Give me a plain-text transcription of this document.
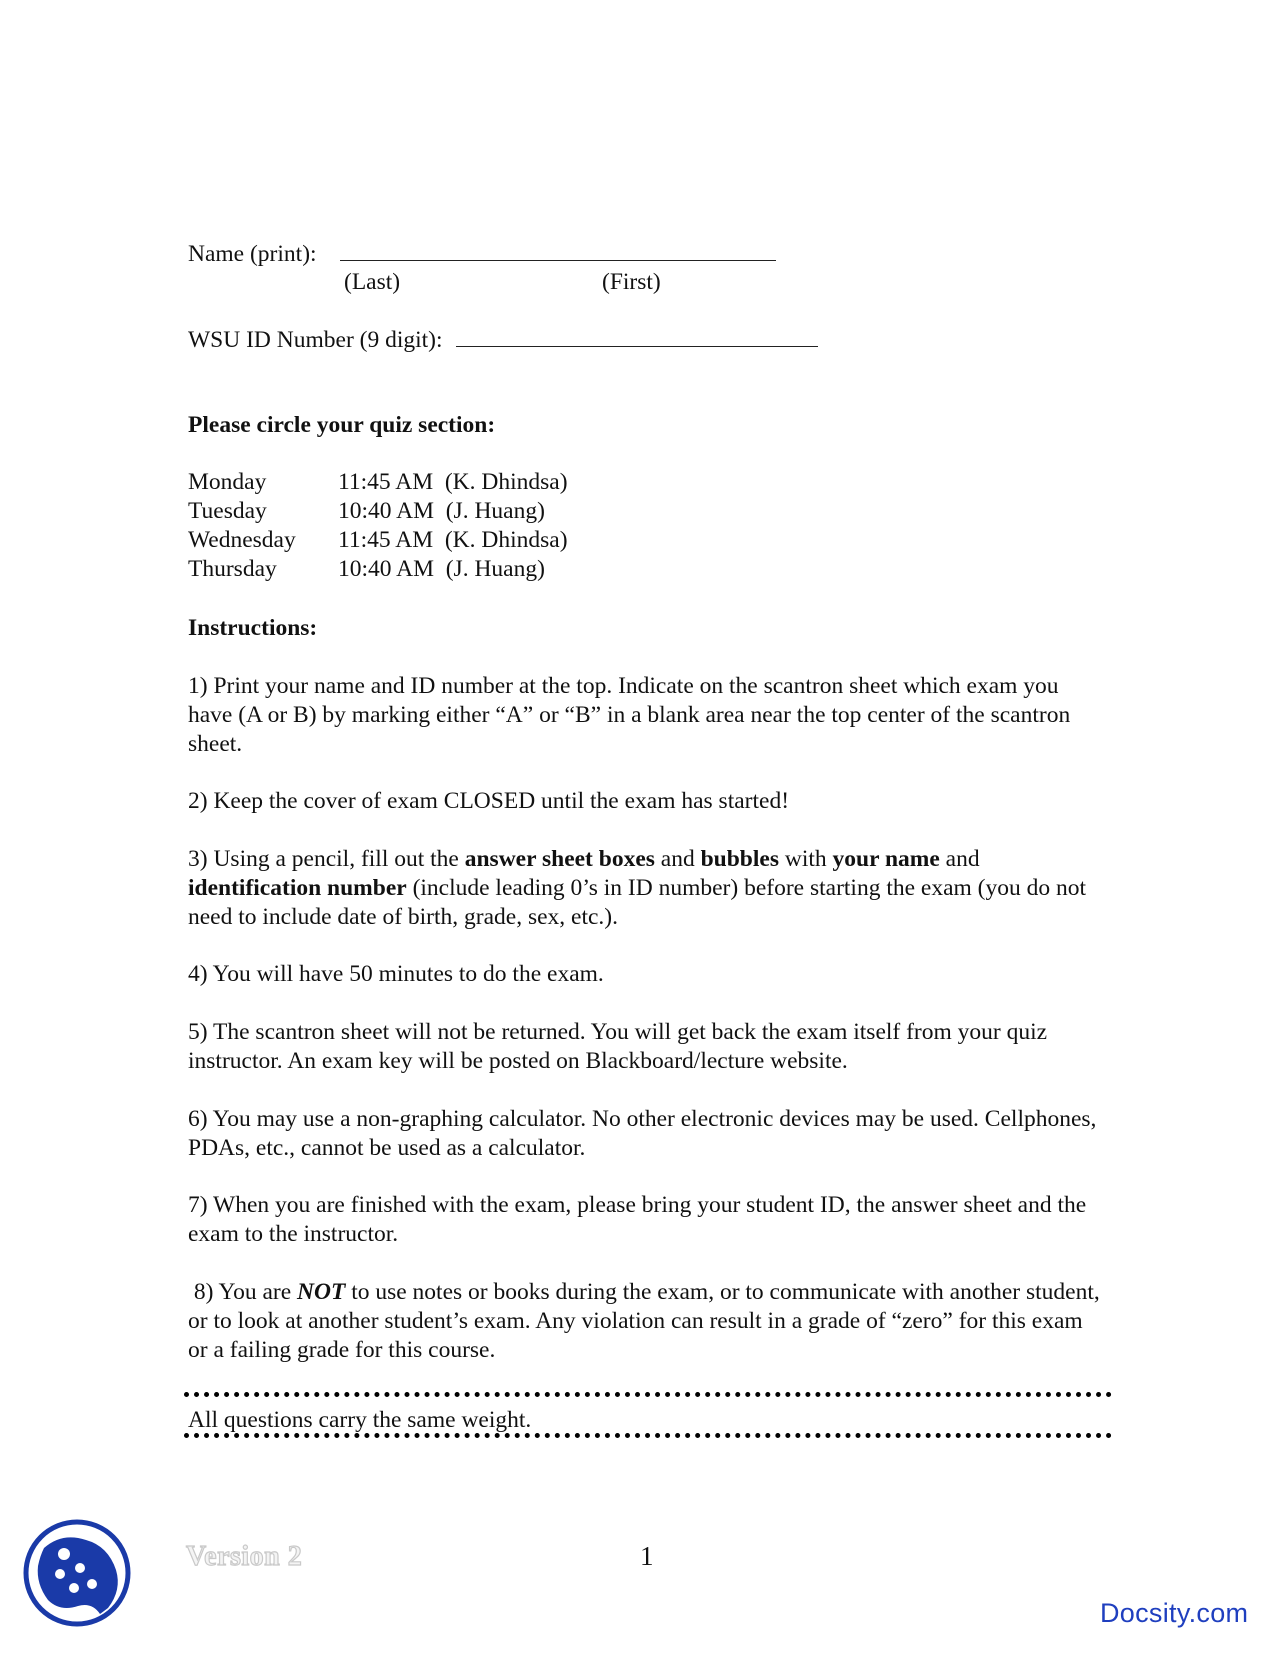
Name (print):
(Last)	(First)
WSU ID Number (9 digit):
Please circle your quiz section:
Monday	11:45 AM  (K. Dhindsa)
Tuesday	10:40 AM  (J. Huang)
Wednesday 11:45 AM  (K. Dhindsa)
Thursday	10:40 AM  (J. Huang)
Instructions:
1) Print your name and ID number at the top. Indicate on the scantron sheet which exam you have (A or B) by marking either “A” or “B” in a blank area near the top center of the scantron sheet.
2) Keep the cover of exam CLOSED until the exam has started!
3) Using a pencil, fill out the answer sheet boxes and bubbles with your name and identification number (include leading 0’s in ID number) before starting the exam (you do not need to include date of birth, grade, sex, etc.).
4) You will have 50 minutes to do the exam.
5) The scantron sheet will not be returned. You will get back the exam itself from your quiz instructor. An exam key will be posted on Blackboard/lecture website.
6) You may use a non-graphing calculator. No other electronic devices may be used. Cellphones, PDAs, etc., cannot be used as a calculator.
7) When you are finished with the exam, please bring your student ID, the answer sheet and the exam to the instructor.
8) You are NOT to use notes or books during the exam, or to communicate with another student, or to look at another student’s exam. Any violation can result in a grade of “zero” for this exam or a failing grade for this course.
All questions carry the same weight.
Version 2	1
Docsity.com
